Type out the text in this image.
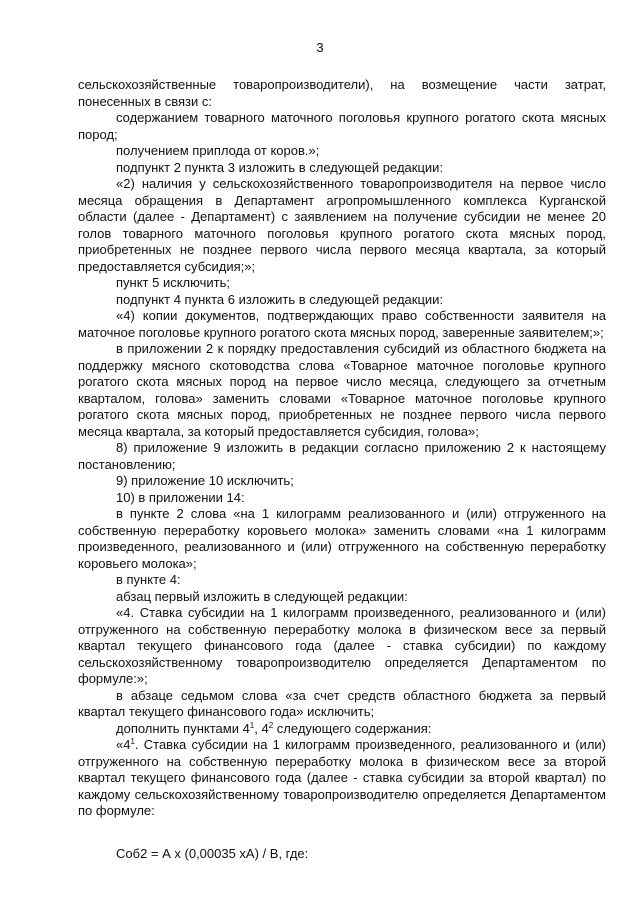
3

сельскохозяйственные товаропроизводители), на возмещение части затрат, понесенных в связи с:

содержанием товарного маточного поголовья крупного рогатого скота мясных пород;

получением приплода от коров.»;

подпункт 2 пункта 3 изложить в следующей редакции:

«2) наличия у сельскохозяйственного товаропроизводителя на первое число месяца обращения в Департамент агропромышленного комплекса Курганской области (далее - Департамент) с заявлением на получение субсидии не менее 20 голов товарного маточного поголовья крупного рогатого скота мясных пород, приобретенных не позднее первого числа первого месяца квартала, за который предоставляется субсидия;»;

пункт 5 исключить;

подпункт 4 пункта 6 изложить в следующей редакции:

«4) копии документов, подтверждающих право собственности заявителя на маточное поголовье крупного рогатого скота мясных пород, заверенные заявителем;»;

в приложении 2 к порядку предоставления субсидий из областного бюджета на поддержку мясного скотоводства слова «Товарное маточное поголовье крупного рогатого скота мясных пород на первое число месяца, следующего за отчетным кварталом, голова» заменить словами «Товарное маточное поголовье крупного рогатого скота мясных пород, приобретенных не позднее первого числа первого месяца квартала, за который предоставляется субсидия, голова»;

8) приложение 9 изложить в редакции согласно приложению 2 к настоящему постановлению;

9) приложение 10 исключить;

10) в приложении 14:

в пункте 2 слова «на 1 килограмм реализованного и (или) отгруженного на собственную переработку коровьего молока» заменить словами «на 1 килограмм произведенного, реализованного и (или) отгруженного на собственную переработку коровьего молока»;

в пункте 4:

абзац первый изложить в следующей редакции:

«4. Ставка субсидии на 1 килограмм произведенного, реализованного и (или) отгруженного на собственную переработку молока в физическом весе за первый квартал текущего финансового года (далее - ставка субсидии) по каждому сельскохозяйственному товаропроизводителю определяется Департаментом по формуле:»;

в абзаце седьмом слова «за счет средств областного бюджета за первый квартал текущего финансового года» исключить;

дополнить пунктами $4^1$, $4^2$ следующего содержания:

«$4^1$. Ставка субсидии на 1 килограмм произведенного, реализованного и (или) отгруженного на собственную переработку молока в физическом весе за второй квартал текущего финансового года (далее - ставка субсидии за второй квартал) по каждому сельскохозяйственному товаропроизводителю определяется Департаментом по формуле:

Соб2 = А х (0,00035 хА) / В, где:
